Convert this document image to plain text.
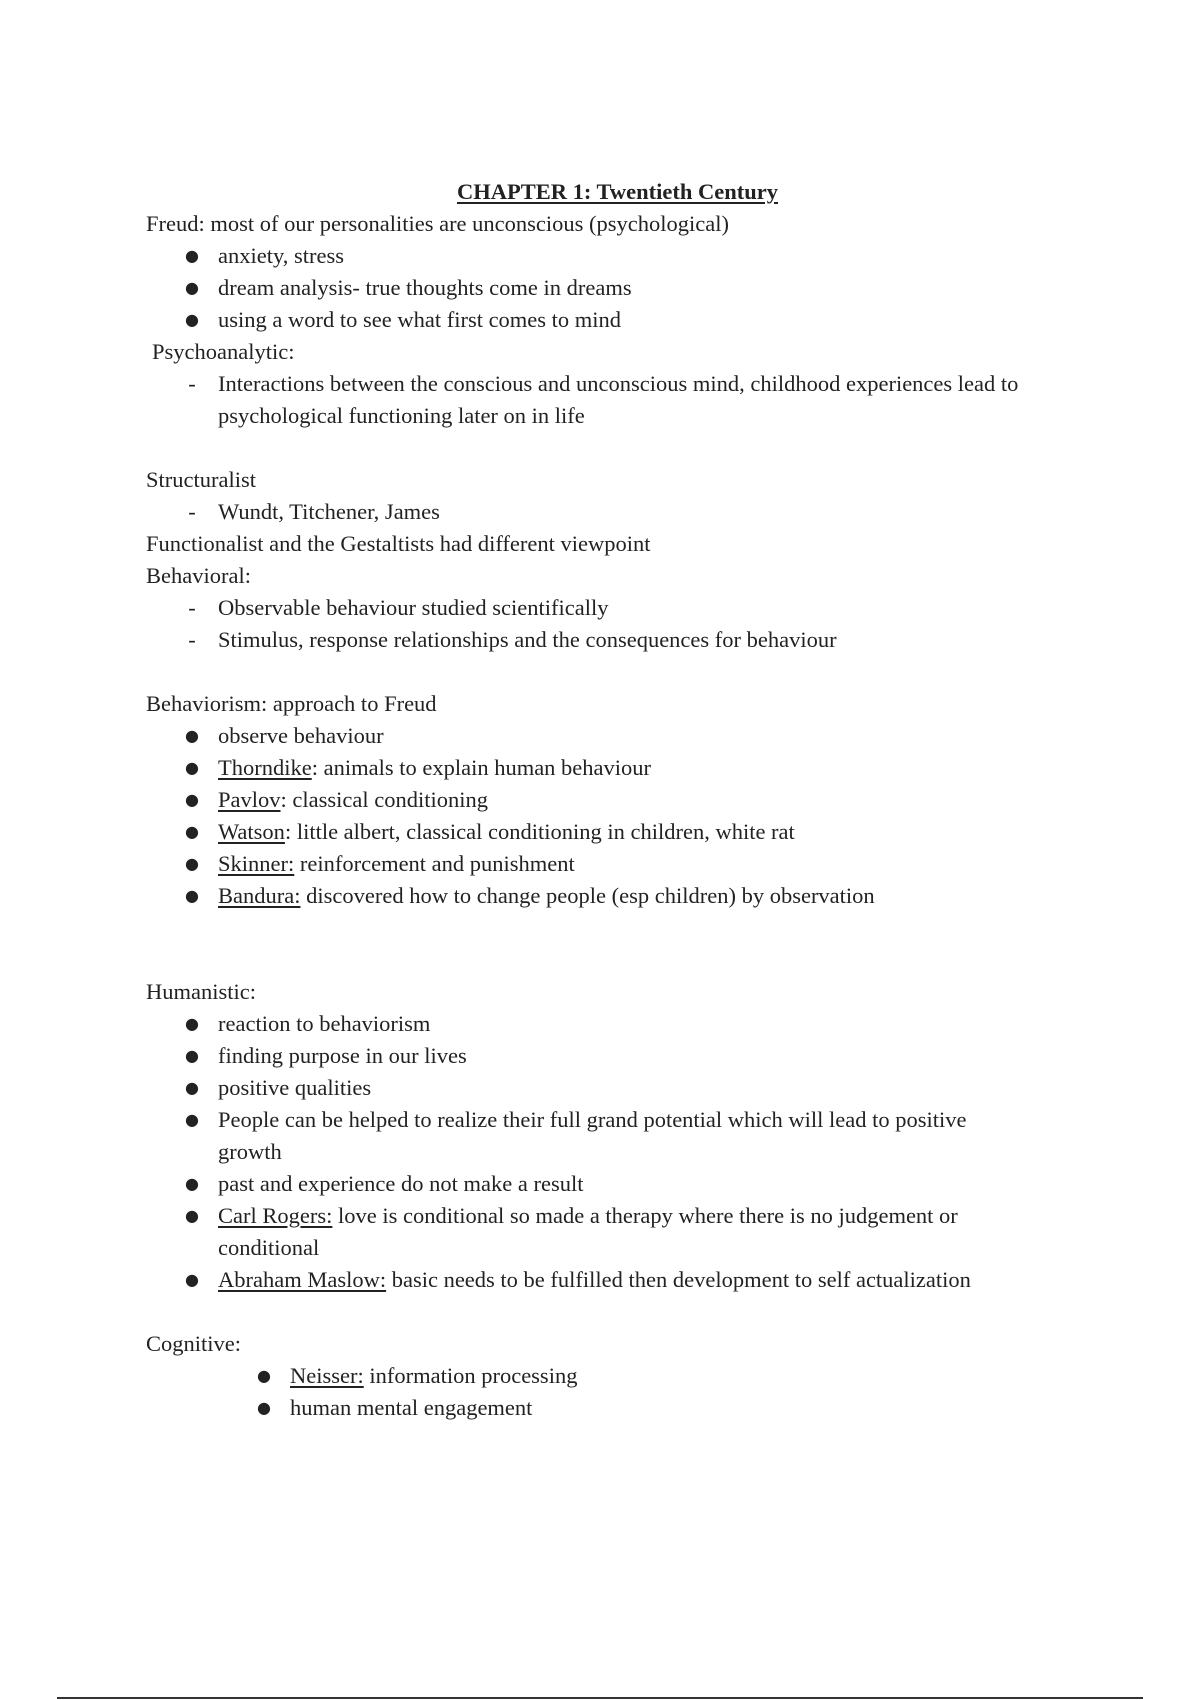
CHAPTER 1: Twentieth Century

Freud: most of our personalities are unconscious (psychological)

● anxiety, stress
● dream analysis- true thoughts come in dreams
● using a word to see what first comes to mind

Psychoanalytic:

- Interactions between the conscious and unconscious mind, childhood experiences lead to
psychological functioning later on in life

Structuralist

- Wundt, Titchener, James

Functionalist and the Gestaltists had different viewpoint

Behavioral:

- Observable behaviour studied scientifically
- Stimulus, response relationships and the consequences for behaviour

Behaviorism: approach to Freud

● observe behaviour
● Thorndike: animals to explain human behaviour
● Pavlov: classical conditioning
● Watson: little albert, classical conditioning in children, white rat
● Skinner: reinforcement and punishment
● Bandura: discovered how to change people (esp children) by observation

Humanistic:

● reaction to behaviorism
● finding purpose in our lives
● positive qualities
● People can be helped to realize their full grand potential which will lead to positive
growth
● past and experience do not make a result
● Carl Rogers: love is conditional so made a therapy where there is no judgement or
conditional
● Abraham Maslow: basic needs to be fulfilled then development to self actualization

Cognitive:

● Neisser: information processing
● human mental engagement
